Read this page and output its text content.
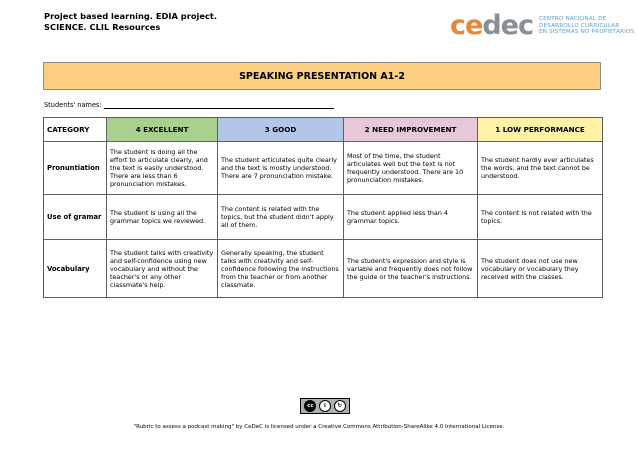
Project based learning. EDIA project.
SCIENCE. CLIL Resources	cedec CENTRO NACIONAL DE
DESARROLLO CURRICULAR
EN SISTEMAS NO PROPIETARIOS
SPEAKING PRESENTATION A1-2
Students' names:
CATEGORY	4 EXCELLENT	3 GOOD	2 NEED IMPROVEMENT	1 LOW PERFORMANCE
Pronuntiation	The student is doing all the effort to articulate clearly, and the text is easily understood. There are less than 6 pronunciation mistakes.	The student articulates quite clearly and the text is mostly understood. There are 7 pronunciation mistake.	Most of the time, the student articulates well but the text is not frequently understood. There are 10 pronunciation mistakes.	The student hardly ever articulates the words, and the text cannot be understood.
Use of gramar	The student is using all the grammar topics we reviewed.	The content is related with the topics, but the student didn't apply all of them.	The student applied less than 4 grammar topics.	The content is not related with the topics.
Vocabulary	The student talks with creativity and self-confidence using new vocabulary and without the teacher's or any other classmate's help.	Generally speaking, the student talks with creativity and self-confidence following the instructions from the teacher or from another classmate.	The student's expression and style is variable and frequently does not follow the guide or the teacher's instructions.	The student does not use new vocabulary or vocabulary they received with the classes.
cc	i	↻
"Rubric to assess a podcast making" by CeDeC is licensed under a Creative Commons Attribution-ShareAlike 4.0 International License.
